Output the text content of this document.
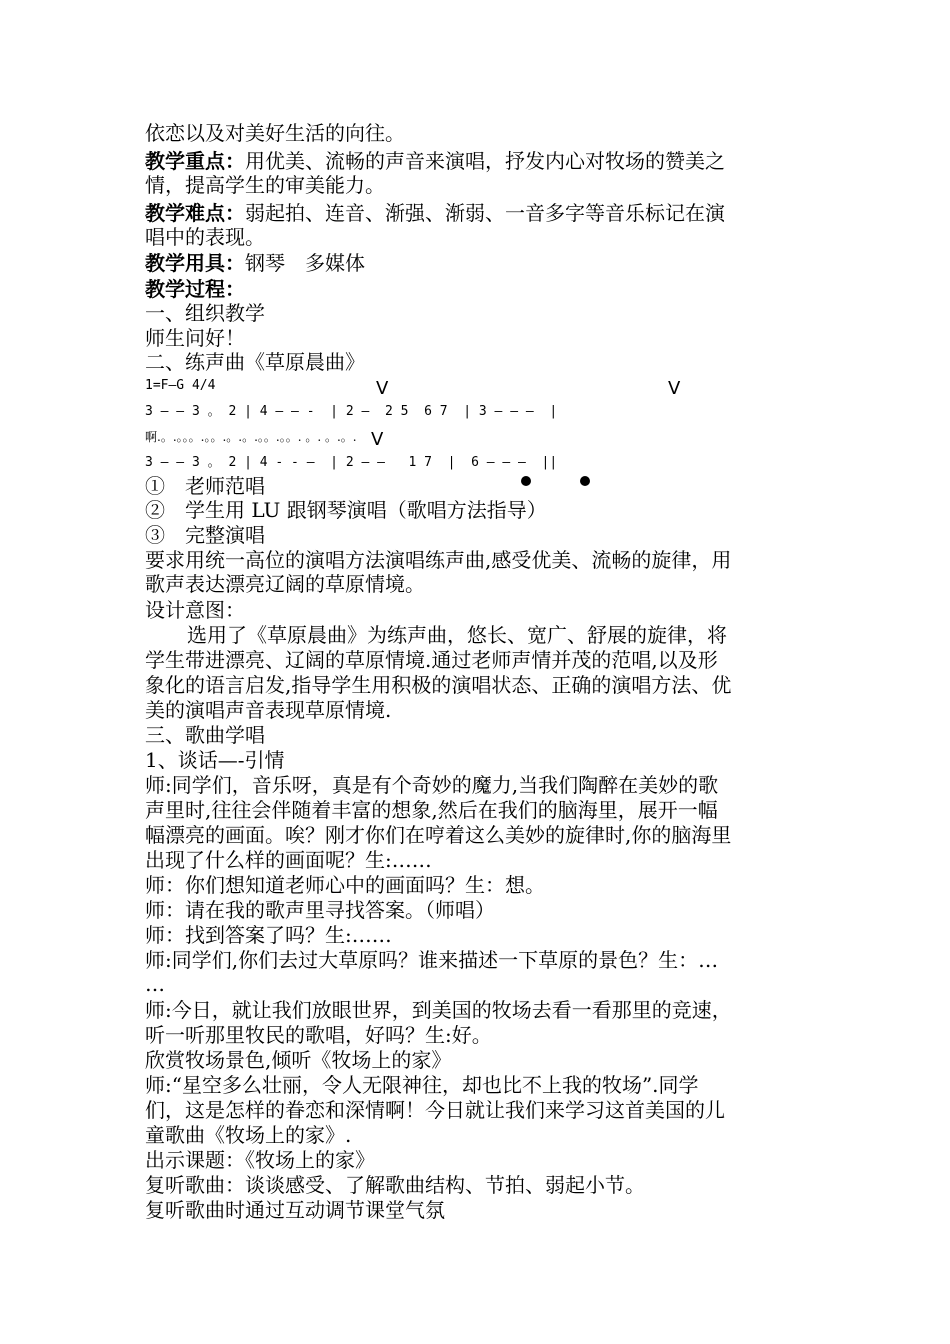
依恋以及对美好生活的向往。
教学重点：用优美、流畅的声音来演唱，抒发内心对牧场的赞美之
情，提高学生的审美能力。
教学难点：弱起拍、连音、渐强、渐弱、一音多字等音乐标记在演
唱中的表现。
教学用具：钢琴　多媒体
教学过程：
一、组织教学
师生问好！
二、练声曲《草原晨曲》
1=F—G 4/4	V	V
3 — — 3 。 2 | 4 — — -  | 2 —  2 5  6 7  | 3 — — —  |
啊.。.。。。.。。.。.。.。。.。。. 。. 。.。. V
3 — — 3 。 2 | 4 - - —  | 2 — —   1 7  |  6 — — —  ||
①　老师范唱
②　学生用 LU 跟钢琴演唱（歌唱方法指导）
③　完整演唱
要求用统一高位的演唱方法演唱练声曲,感受优美、流畅的旋律，用
歌声表达漂亮辽阔的草原情境。
设计意图：
选用了《草原晨曲》为练声曲，悠长、宽广、舒展的旋律，将
学生带进漂亮、辽阔的草原情境.通过老师声情并茂的范唱,以及形
象化的语言启发,指导学生用积极的演唱状态、正确的演唱方法、优
美的演唱声音表现草原情境.
三、歌曲学唱
1、谈话—-引情
师:同学们，音乐呀，真是有个奇妙的魔力,当我们陶醉在美妙的歌
声里时,往往会伴随着丰富的想象,然后在我们的脑海里，展开一幅
幅漂亮的画面。唉？刚才你们在哼着这么美妙的旋律时,你的脑海里
出现了什么样的画面呢？生:……
师：你们想知道老师心中的画面吗？生：想。
师：请在我的歌声里寻找答案。（师唱）
师：找到答案了吗？生:……
师:同学们,你们去过大草原吗？谁来描述一下草原的景色？生：…
…
师:今日，就让我们放眼世界，到美国的牧场去看一看那里的竞速，
听一听那里牧民的歌唱，好吗？生:好。
欣赏牧场景色,倾听《牧场上的家》
师:“星空多么壮丽，令人无限神往，却也比不上我的牧场”.同学
们，这是怎样的眷恋和深情啊！今日就让我们来学习这首美国的儿
童歌曲《牧场上的家》.
出示课题：《牧场上的家》
复听歌曲：谈谈感受、了解歌曲结构、节拍、弱起小节。
复听歌曲时通过互动调节课堂气氛
